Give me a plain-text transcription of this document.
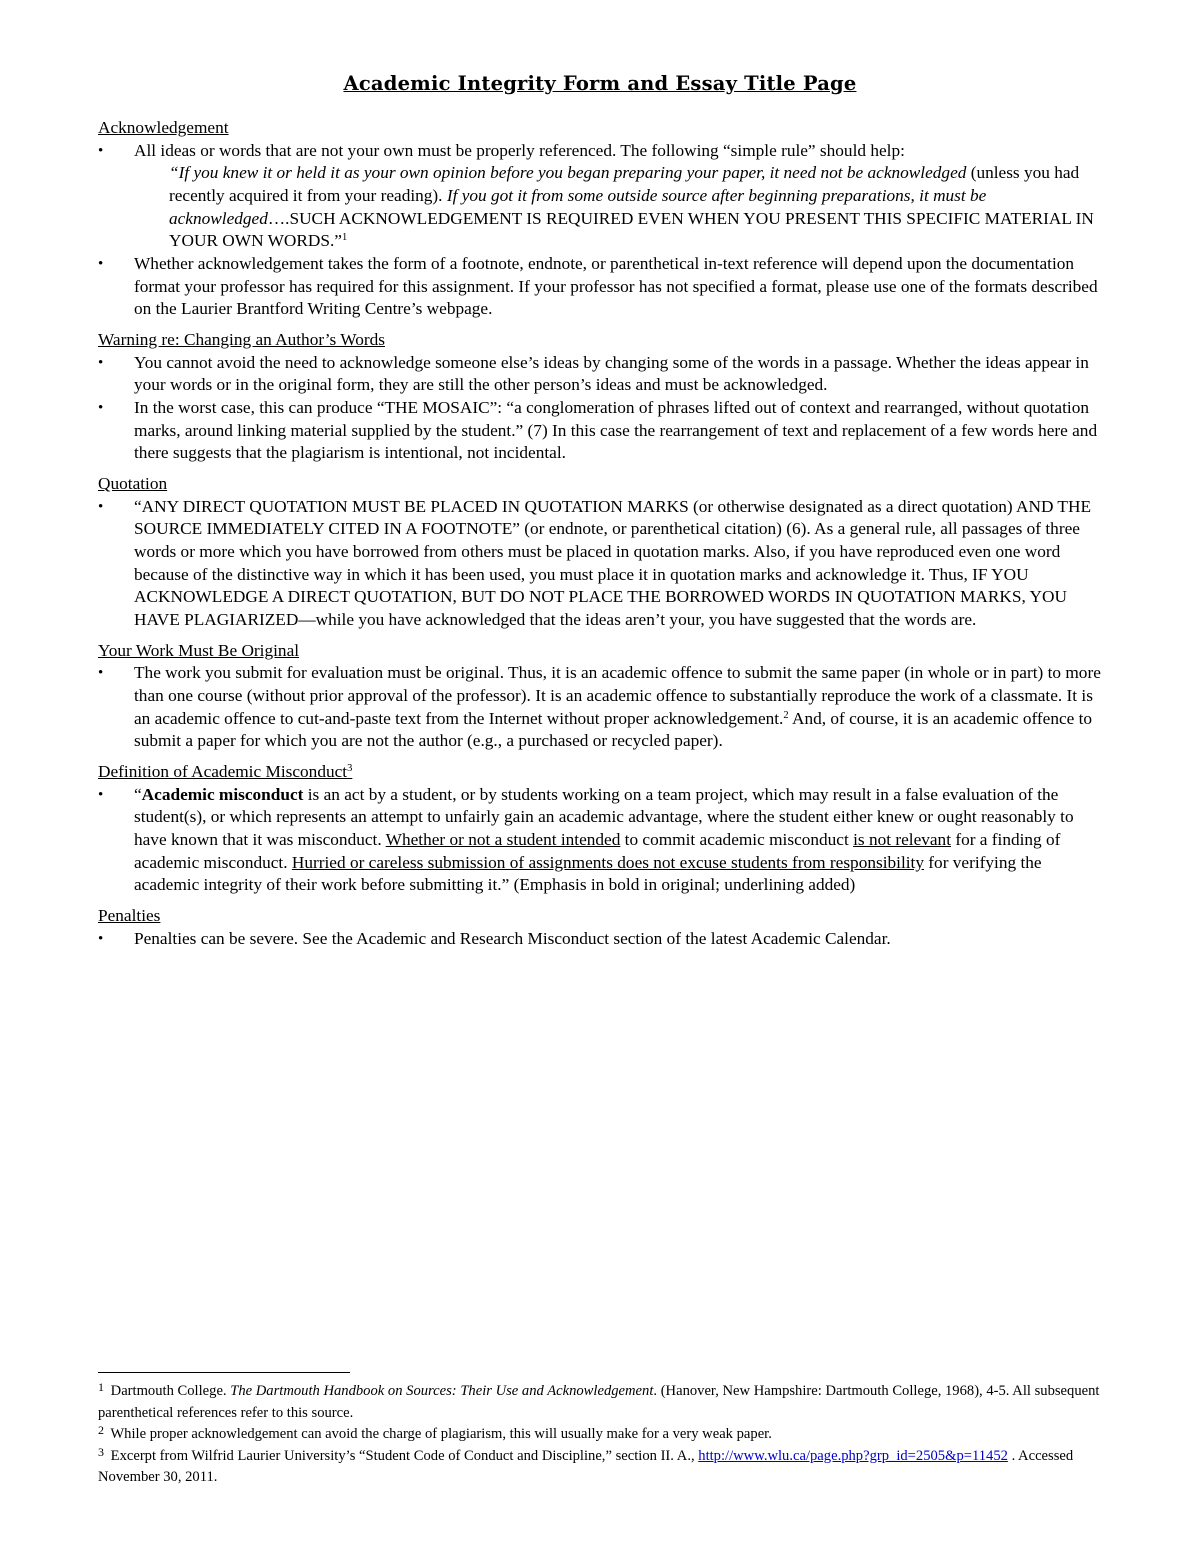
Academic Integrity Form and Essay Title Page

Acknowledgement

• All ideas or words that are not your own must be properly referenced. The following “simple rule” should help:
“If you knew it or held it as your own opinion before you began preparing your paper, it need not be acknowledged (unless you had recently acquired it from your reading). If you got it from some outside source after beginning preparations, it must be acknowledged….SUCH ACKNOWLEDGEMENT IS REQUIRED EVEN WHEN YOU PRESENT THIS SPECIFIC MATERIAL IN YOUR OWN WORDS.”$^1$
• Whether acknowledgement takes the form of a footnote, endnote, or parenthetical in-text reference will depend upon the documentation format your professor has required for this assignment. If your professor has not specified a format, please use one of the formats described on the Laurier Brantford Writing Centre’s webpage.

Warning re: Changing an Author’s Words

• You cannot avoid the need to acknowledge someone else’s ideas by changing some of the words in a passage. Whether the ideas appear in your words or in the original form, they are still the other person’s ideas and must be acknowledged.
• In the worst case, this can produce “THE MOSAIC”: “a conglomeration of phrases lifted out of context and rearranged, without quotation marks, around linking material supplied by the student.” (7) In this case the rearrangement of text and replacement of a few words here and there suggests that the plagiarism is intentional, not incidental.

Quotation

• “ANY DIRECT QUOTATION MUST BE PLACED IN QUOTATION MARKS (or otherwise designated as a direct quotation) AND THE SOURCE IMMEDIATELY CITED IN A FOOTNOTE” (or endnote, or parenthetical citation) (6). As a general rule, all passages of three words or more which you have borrowed from others must be placed in quotation marks. Also, if you have reproduced even one word because of the distinctive way in which it has been used, you must place it in quotation marks and acknowledge it. Thus, IF YOU ACKNOWLEDGE A DIRECT QUOTATION, BUT DO NOT PLACE THE BORROWED WORDS IN QUOTATION MARKS, YOU HAVE PLAGIARIZED—while you have acknowledged that the ideas aren’t your, you have suggested that the words are.

Your Work Must Be Original

• The work you submit for evaluation must be original. Thus, it is an academic offence to submit the same paper (in whole or in part) to more than one course (without prior approval of the professor). It is an academic offence to substantially reproduce the work of a classmate. It is an academic offence to cut-and-paste text from the Internet without proper acknowledgement.$^2$ And, of course, it is an academic offence to submit a paper for which you are not the author (e.g., a purchased or recycled paper).

Definition of Academic Misconduct$^3$

• “Academic misconduct is an act by a student, or by students working on a team project, which may result in a false evaluation of the student(s), or which represents an attempt to unfairly gain an academic advantage, where the student either knew or ought reasonably to have known that it was misconduct. Whether or not a student intended to commit academic misconduct is not relevant for a finding of academic misconduct. Hurried or careless submission of assignments does not excuse students from responsibility for verifying the academic integrity of their work before submitting it.” (Emphasis in bold in original; underlining added)

Penalties

• Penalties can be severe. See the Academic and Research Misconduct section of the latest Academic Calendar.
$^1$ Dartmouth College. The Dartmouth Handbook on Sources: Their Use and Acknowledgement. (Hanover, New Hampshire: Dartmouth College, 1968), 4-5. All subsequent parenthetical references refer to this source.
$^2$ While proper acknowledgement can avoid the charge of plagiarism, this will usually make for a very weak paper.
$^3$ Excerpt from Wilfrid Laurier University’s “Student Code of Conduct and Discipline,” section II. A., http://www.wlu.ca/page.php?grp_id=2505&p=11452 . Accessed November 30, 2011.
